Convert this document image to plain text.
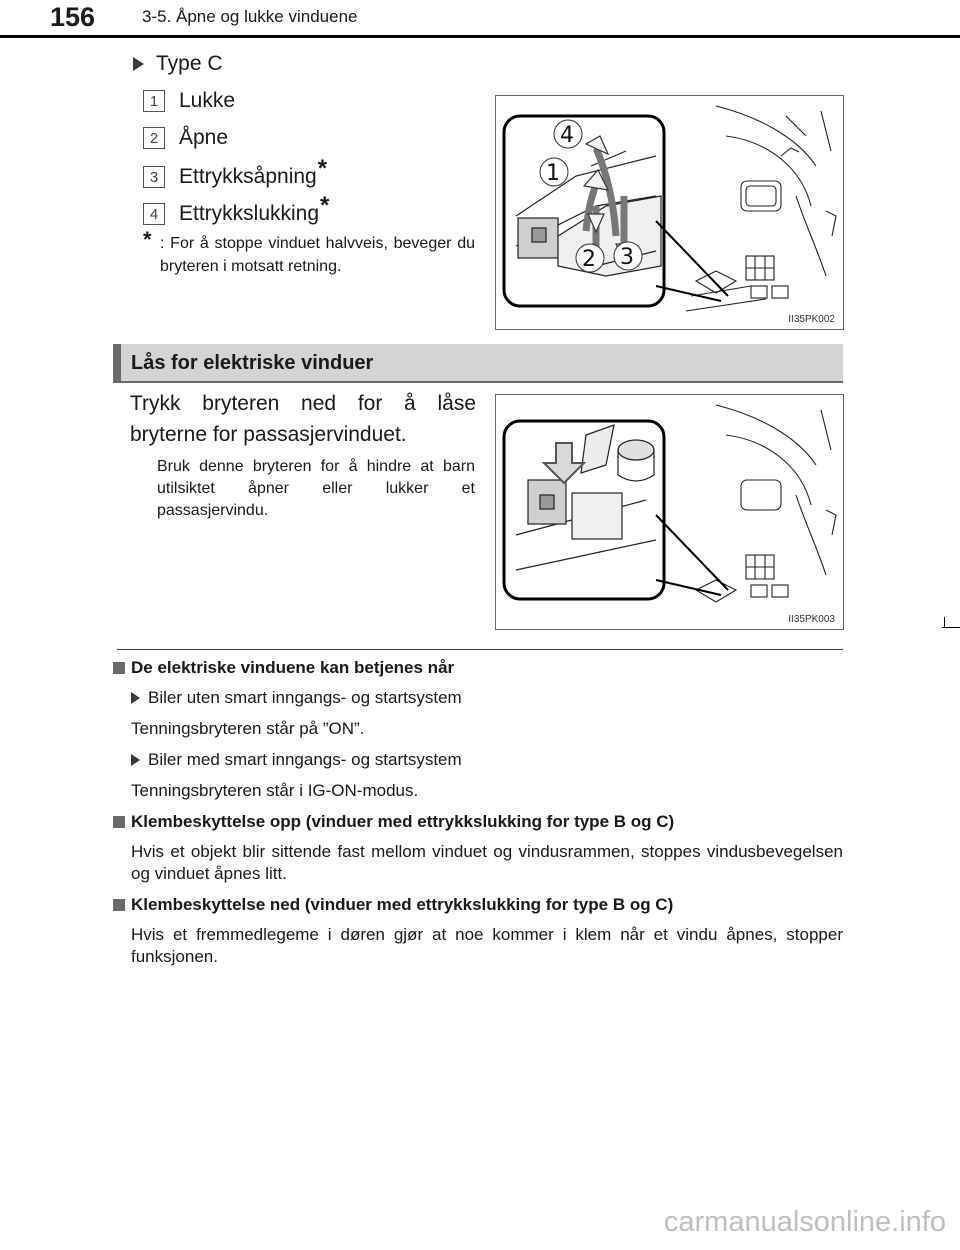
156	3-5. Åpne og lukke vinduene
Type C
1 Lukke
2 Åpne
3 Ettrykksåpning *
4 Ettrykkslukking *
* : For å stoppe vinduet halvveis, beveger du bryteren i motsatt retning.
4
1
2 3
II35PK002
Lås for elektriske vinduer
Trykk bryteren ned for å låse bryterne for passasjervinduet.
Bruk denne bryteren for å hindre at barn utilsiktet åpner eller lukker et passasjervindu.
II35PK003
De elektriske vinduene kan betjenes når
Biler uten smart inngangs- og startsystem
Tenningsbryteren står på ”ON”.
Biler med smart inngangs- og startsystem
Tenningsbryteren står i IG-ON-modus.
Klembeskyttelse opp (vinduer med ettrykkslukking for type B og C)
Hvis et objekt blir sittende fast mellom vinduet og vindusrammen, stoppes vindusbevegelsen og vinduet åpnes litt.
Klembeskyttelse ned (vinduer med ettrykkslukking for type B og C)
Hvis et fremmedlegeme i døren gjør at noe kommer i klem når et vindu åpnes, stopper funksjonen.
carmanualsonline.info
